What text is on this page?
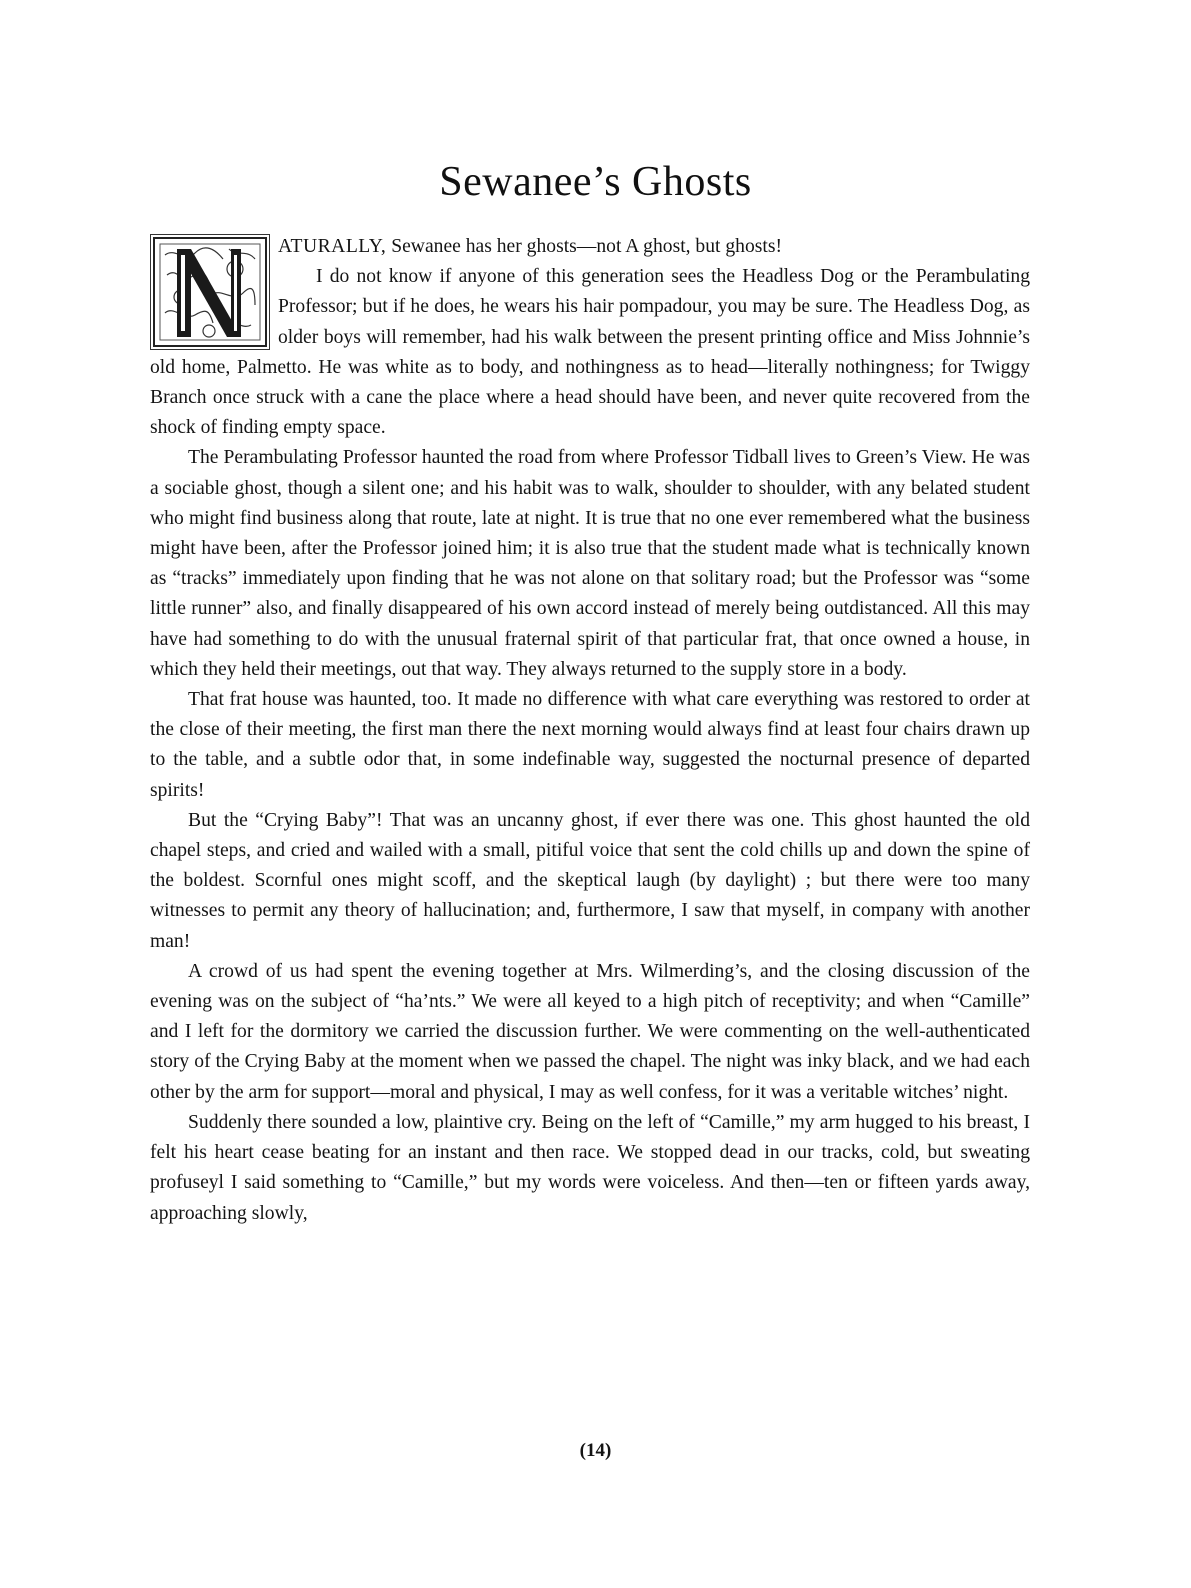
Sewanee’s Ghosts

ATURALLY, Sewanee has her ghosts—not A ghost, but ghosts!

I do not know if anyone of this generation sees the Headless Dog or the Perambulating Professor; but if he does, he wears his hair pompadour, you may be sure. The Headless Dog, as older boys will remember, had his walk between the present printing office and Miss Johnnie’s old home, Palmetto. He was white as to body, and nothingness as to head—literally nothingness; for Twiggy Branch once struck with a cane the place where a head should have been, and never quite recovered from the shock of finding empty space.

The Perambulating Professor haunted the road from where Professor Tidball lives to Green’s View. He was a sociable ghost, though a silent one; and his habit was to walk, shoulder to shoulder, with any belated student who might find business along that route, late at night. It is true that no one ever remembered what the business might have been, after the Professor joined him; it is also true that the student made what is technically known as “tracks” immediately upon finding that he was not alone on that solitary road; but the Professor was “some little runner” also, and finally disappeared of his own accord instead of merely being outdistanced. All this may have had something to do with the unusual fraternal spirit of that particular frat, that once owned a house, in which they held their meetings, out that way. They always returned to the supply store in a body.

That frat house was haunted, too. It made no difference with what care everything was restored to order at the close of their meeting, the first man there the next morning would always find at least four chairs drawn up to the table, and a subtle odor that, in some indefinable way, suggested the nocturnal presence of departed spirits!

But the “Crying Baby”! That was an uncanny ghost, if ever there was one. This ghost haunted the old chapel steps, and cried and wailed with a small, pitiful voice that sent the cold chills up and down the spine of the boldest. Scornful ones might scoff, and the skeptical laugh (by daylight) ; but there were too many witnesses to permit any theory of hallucination; and, furthermore, I saw that myself, in company with another man!

A crowd of us had spent the evening together at Mrs. Wilmerding’s, and the closing discussion of the evening was on the subject of “ha’nts.” We were all keyed to a high pitch of receptivity; and when “Camille” and I left for the dormitory we carried the discussion further. We were commenting on the well-authenticated story of the Crying Baby at the moment when we passed the chapel. The night was inky black, and we had each other by the arm for support—moral and physical, I may as well confess, for it was a veritable witches’ night.

Suddenly there sounded a low, plaintive cry. Being on the left of “Camille,” my arm hugged to his breast, I felt his heart cease beating for an instant and then race. We stopped dead in our tracks, cold, but sweating profuseyl I said something to “Camille,” but my words were voiceless. And then—ten or fifteen yards away, approaching slowly,

(14)
